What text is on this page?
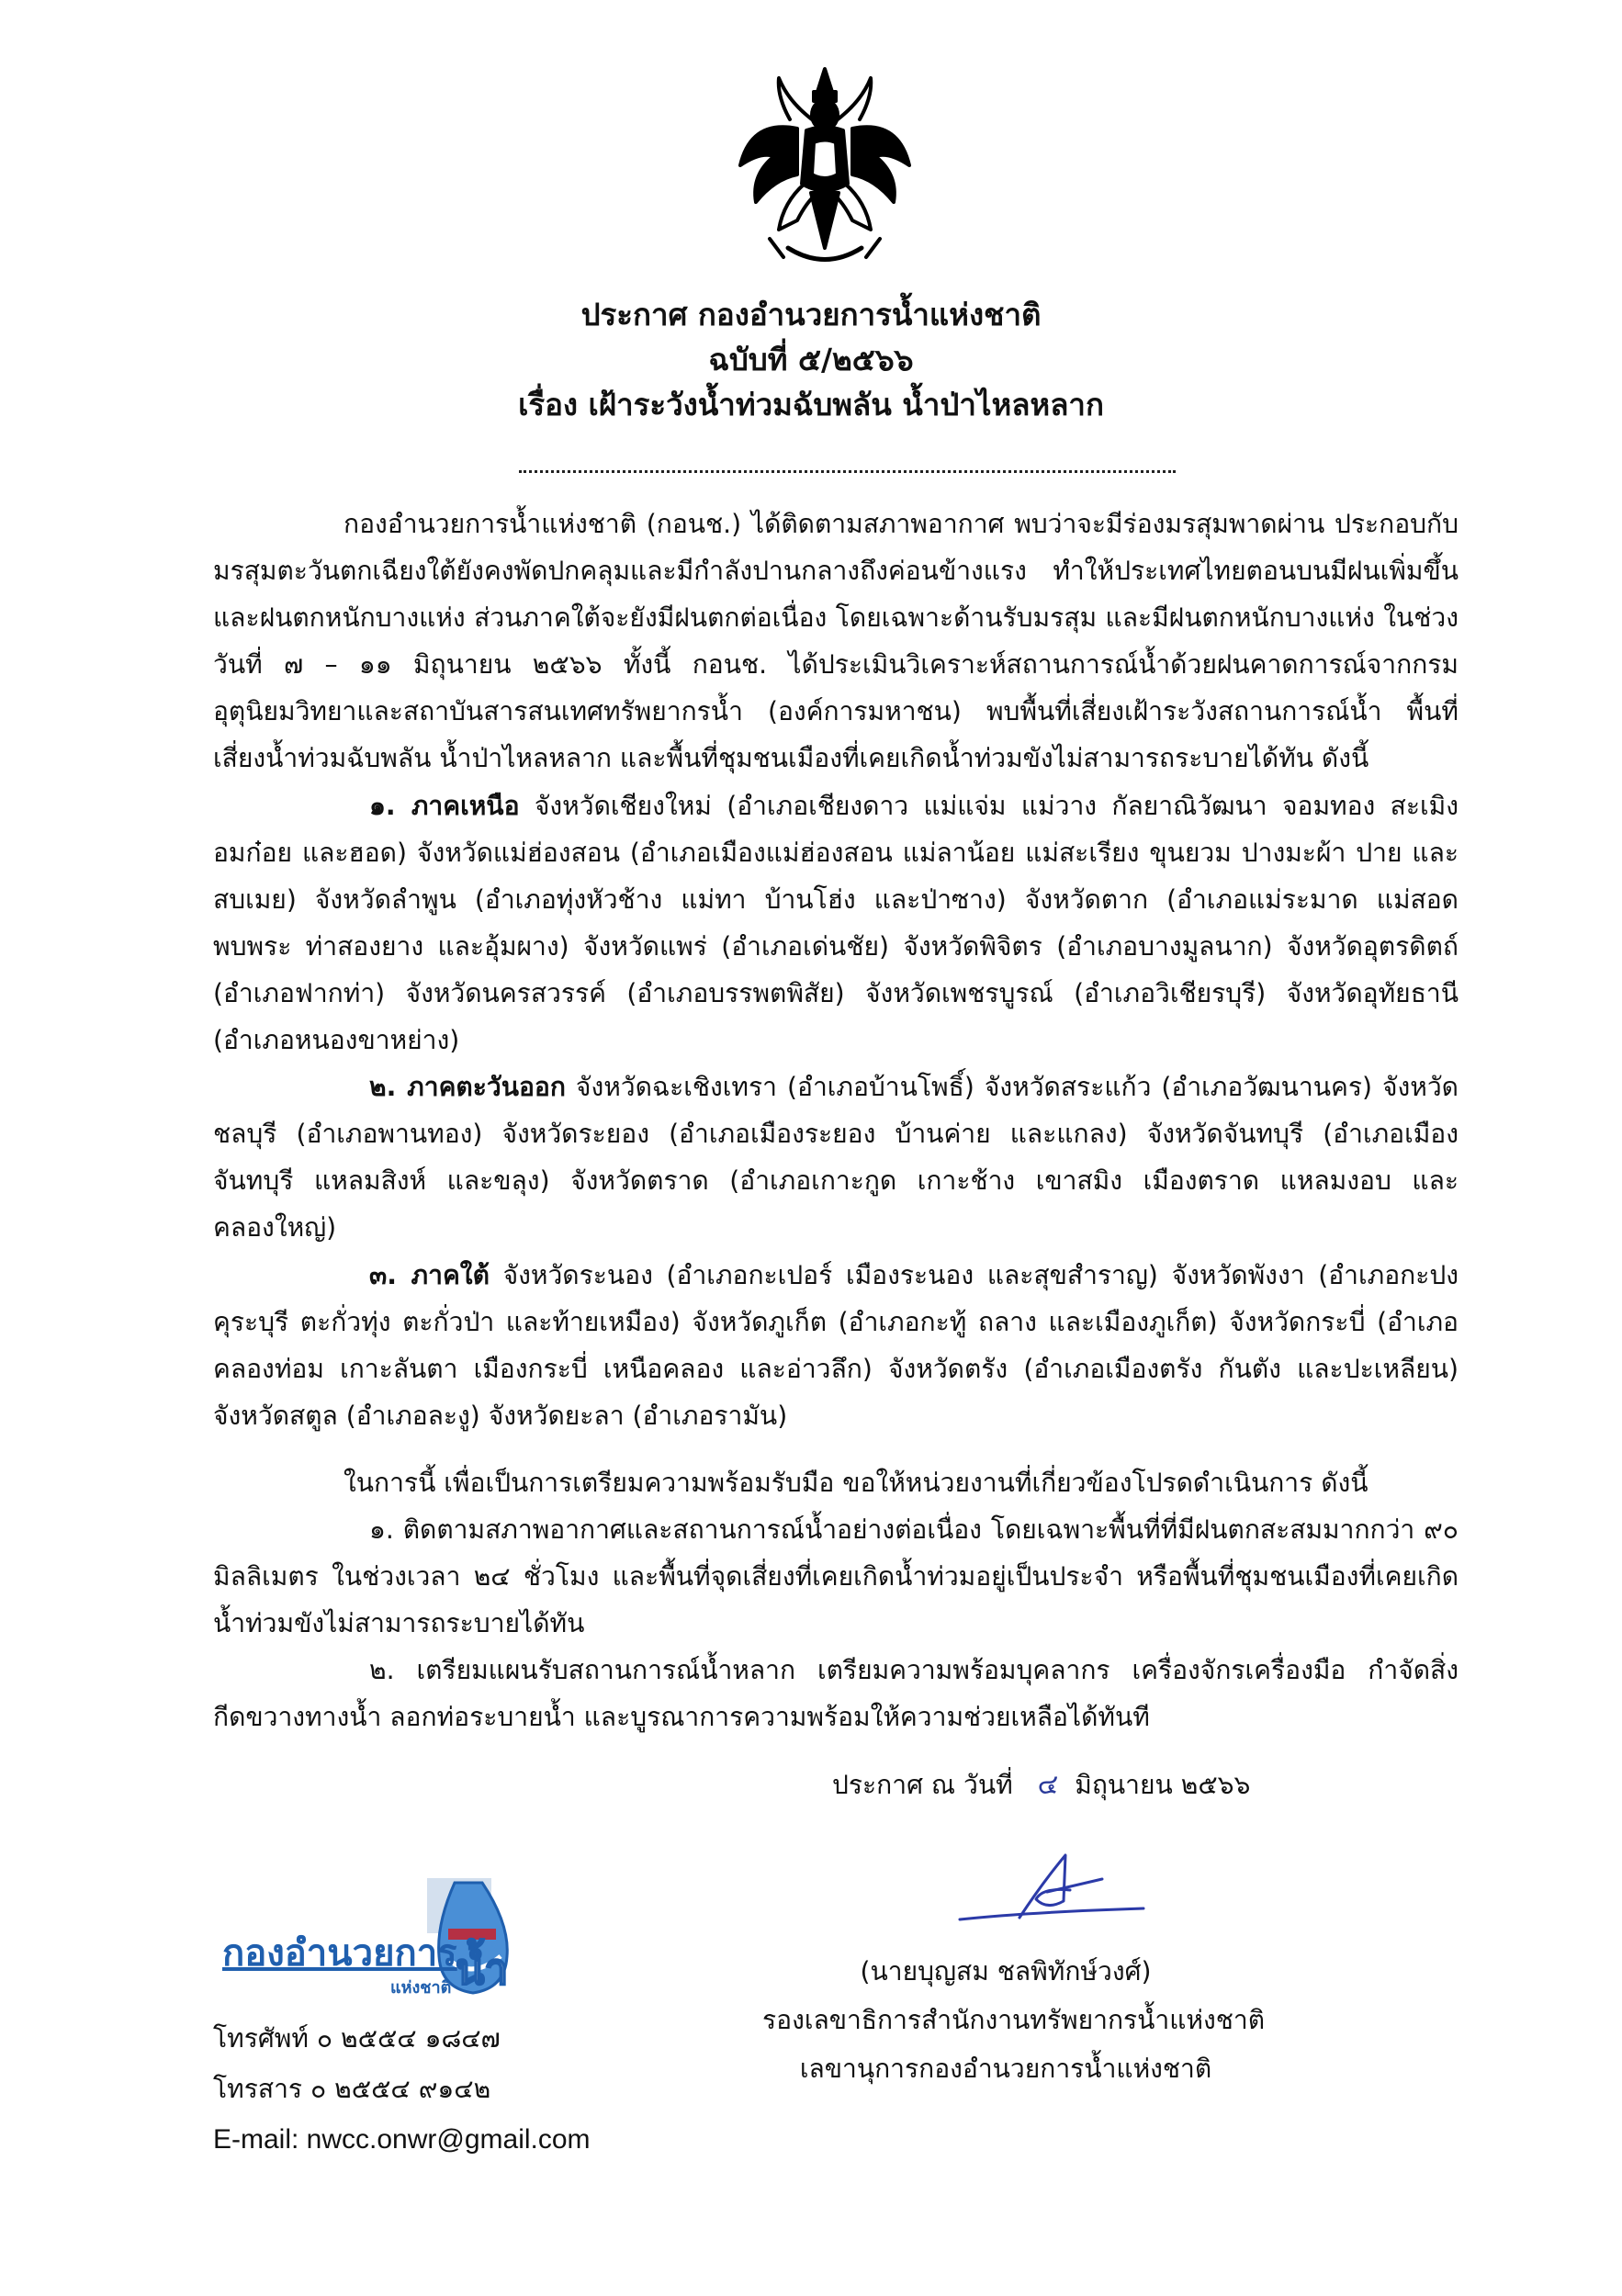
ประกาศ กองอำนวยการน้ำแห่งชาติ

ฉบับที่ ๕/๒๕๖๖

เรื่อง เฝ้าระวังน้ำท่วมฉับพลัน น้ำป่าไหลหลาก

กองอำนวยการน้ำแห่งชาติ (กอนช.) ได้ติดตามสภาพอากาศ พบว่าจะมีร่องมรสุมพาดผ่าน ประกอบกับมรสุมตะวันตกเฉียงใต้ยังคงพัดปกคลุมและมีกำลังปานกลางถึงค่อนข้างแรง ทำให้ประเทศไทยตอนบนมีฝนเพิ่มขึ้นและฝนตกหนักบางแห่ง ส่วนภาคใต้จะยังมีฝนตกต่อเนื่อง โดยเฉพาะด้านรับมรสุม และมีฝนตกหนักบางแห่ง ในช่วงวันที่ ๗ – ๑๑ มิถุนายน ๒๕๖๖ ทั้งนี้ กอนช. ได้ประเมินวิเคราะห์สถานการณ์น้ำด้วยฝนคาดการณ์จากกรมอุตุนิยมวิทยาและสถาบันสารสนเทศทรัพยากรน้ำ (องค์การมหาชน) พบพื้นที่เสี่ยงเฝ้าระวังสถานการณ์น้ำ พื้นที่เสี่ยงน้ำท่วมฉับพลัน น้ำป่าไหลหลาก และพื้นที่ชุมชนเมืองที่เคยเกิดน้ำท่วมขังไม่สามารถระบายได้ทัน ดังนี้

๑. ภาคเหนือ จังหวัดเชียงใหม่ (อำเภอเชียงดาว แม่แจ่ม แม่วาง กัลยาณิวัฒนา จอมทอง สะเมิง อมก๋อย และฮอด) จังหวัดแม่ฮ่องสอน (อำเภอเมืองแม่ฮ่องสอน แม่ลาน้อย แม่สะเรียง ขุนยวม ปางมะผ้า ปาย และสบเมย) จังหวัดลำพูน (อำเภอทุ่งหัวช้าง แม่ทา บ้านโฮ่ง และป่าซาง) จังหวัดตาก (อำเภอแม่ระมาด แม่สอด พบพระ ท่าสองยาง และอุ้มผาง) จังหวัดแพร่ (อำเภอเด่นชัย) จังหวัดพิจิตร (อำเภอบางมูลนาก) จังหวัดอุตรดิตถ์ (อำเภอฟากท่า) จังหวัดนครสวรรค์ (อำเภอบรรพตพิสัย) จังหวัดเพชรบูรณ์ (อำเภอวิเชียรบุรี) จังหวัดอุทัยธานี (อำเภอหนองขาหย่าง)

๒. ภาคตะวันออก จังหวัดฉะเชิงเทรา (อำเภอบ้านโพธิ์) จังหวัดสระแก้ว (อำเภอวัฒนานคร) จังหวัดชลบุรี (อำเภอพานทอง) จังหวัดระยอง (อำเภอเมืองระยอง บ้านค่าย และแกลง) จังหวัดจันทบุรี (อำเภอเมืองจันทบุรี แหลมสิงห์ และขลุง) จังหวัดตราด (อำเภอเกาะกูด เกาะช้าง เขาสมิง เมืองตราด แหลมงอบ และคลองใหญ่)

๓. ภาคใต้ จังหวัดระนอง (อำเภอกะเปอร์ เมืองระนอง และสุขสำราญ) จังหวัดพังงา (อำเภอกะปง คุระบุรี ตะกั่วทุ่ง ตะกั่วป่า และท้ายเหมือง) จังหวัดภูเก็ต (อำเภอกะทู้ ถลาง และเมืองภูเก็ต) จังหวัดกระบี่ (อำเภอคลองท่อม เกาะลันตา เมืองกระบี่ เหนือคลอง และอ่าวลึก) จังหวัดตรัง (อำเภอเมืองตรัง กันตัง และปะเหลียน) จังหวัดสตูล (อำเภอละงู) จังหวัดยะลา (อำเภอรามัน)

ในการนี้ เพื่อเป็นการเตรียมความพร้อมรับมือ ขอให้หน่วยงานที่เกี่ยวข้องโปรดดำเนินการ ดังนี้

๑. ติดตามสภาพอากาศและสถานการณ์น้ำอย่างต่อเนื่อง โดยเฉพาะพื้นที่ที่มีฝนตกสะสมมากกว่า ๙๐ มิลลิเมตร ในช่วงเวลา ๒๔ ชั่วโมง และพื้นที่จุดเสี่ยงที่เคยเกิดน้ำท่วมอยู่เป็นประจำ หรือพื้นที่ชุมชนเมืองที่เคยเกิดน้ำท่วมขังไม่สามารถระบายได้ทัน

๒. เตรียมแผนรับสถานการณ์น้ำหลาก เตรียมความพร้อมบุคลากร เครื่องจักรเครื่องมือ กำจัดสิ่งกีดขวางทางน้ำ ลอกท่อระบายน้ำ และบูรณาการความพร้อมให้ความช่วยเหลือได้ทันที

ประกาศ ณ วันที่ ๔ มิถุนายน ๒๕๖๖
(นายบุญสม ชลพิทักษ์วงศ์)
รองเลขาธิการสำนักงานทรัพยากรน้ำแห่งชาติ
เลขานุการกองอำนวยการน้ำแห่งชาติ
น้ำ
กองอำนวยการ
แห่งชาติ
โทรศัพท์ ๐ ๒๕๕๔ ๑๘๔๗
โทรสาร ๐ ๒๕๕๔ ๙๑๔๒
E-mail: nwcc.onwr@gmail.com
